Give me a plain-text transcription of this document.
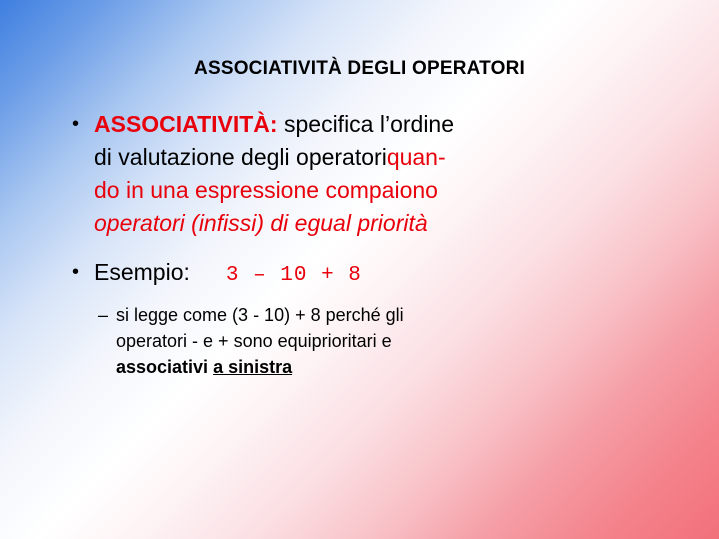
ASSOCIATIVITÀ DEGLI OPERATORI
• ASSOCIATIVITÀ: specifica l’ordine
di valutazione degli operatoriquan-
do in una espressione compaiono
operatori (infissi) di egual priorità
• Esempio: 3 – 10 + 8
– si legge come (3 - 10) + 8 perché gli
operatori - e + sono equiprioritari e
associativi a sinistra
